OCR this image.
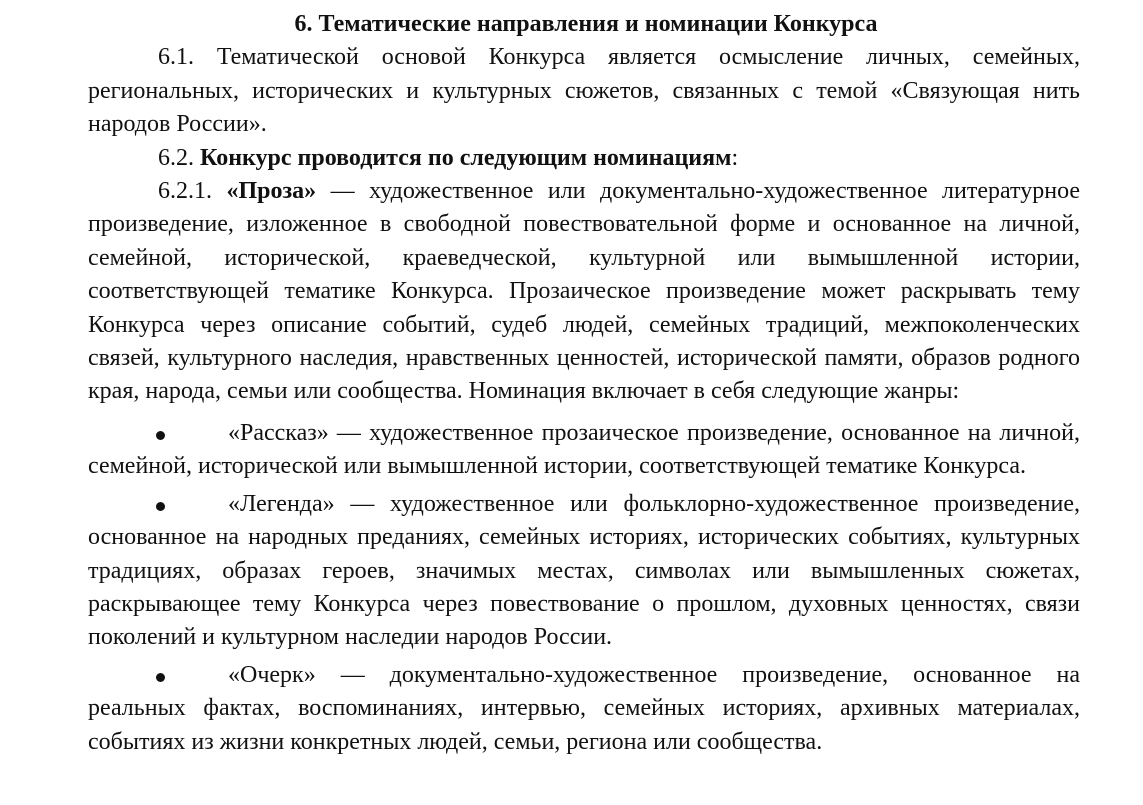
6. Тематические направления и номинации Конкурса

6.1. Тематической основой Конкурса является осмысление личных, семейных, региональных, исторических и культурных сюжетов, связанных с темой «Связующая нить народов России».

6.2. Конкурс проводится по следующим номинациям:

6.2.1. «Проза» — художественное или документально-художественное литературное произведение, изложенное в свободной повествовательной форме и основанное на личной, семейной, исторической, краеведческой, культурной или вымышленной истории, соответствующей тематике Конкурса. Прозаическое произведение может раскрывать тему Конкурса через описание событий, судеб людей, семейных традиций, межпоколенческих связей, культурного наследия, нравственных ценностей, исторической памяти, образов родного края, народа, семьи или сообщества. Номинация включает в себя следующие жанры:

«Рассказ» — художественное прозаическое произведение, основанное на личной, семейной, исторической или вымышленной истории, соответствующей тематике Конкурса.

«Легенда» — художественное или фольклорно-художественное произведение, основанное на народных преданиях, семейных историях, исторических событиях, культурных традициях, образах героев, значимых местах, символах или вымышленных сюжетах, раскрывающее тему Конкурса через повествование о прошлом, духовных ценностях, связи поколений и культурном наследии народов России.

«Очерк» — документально-художественное произведение, основанное на реальных фактах, воспоминаниях, интервью, семейных историях, архивных материалах, событиях из жизни конкретных людей, семьи, региона или сообщества.
